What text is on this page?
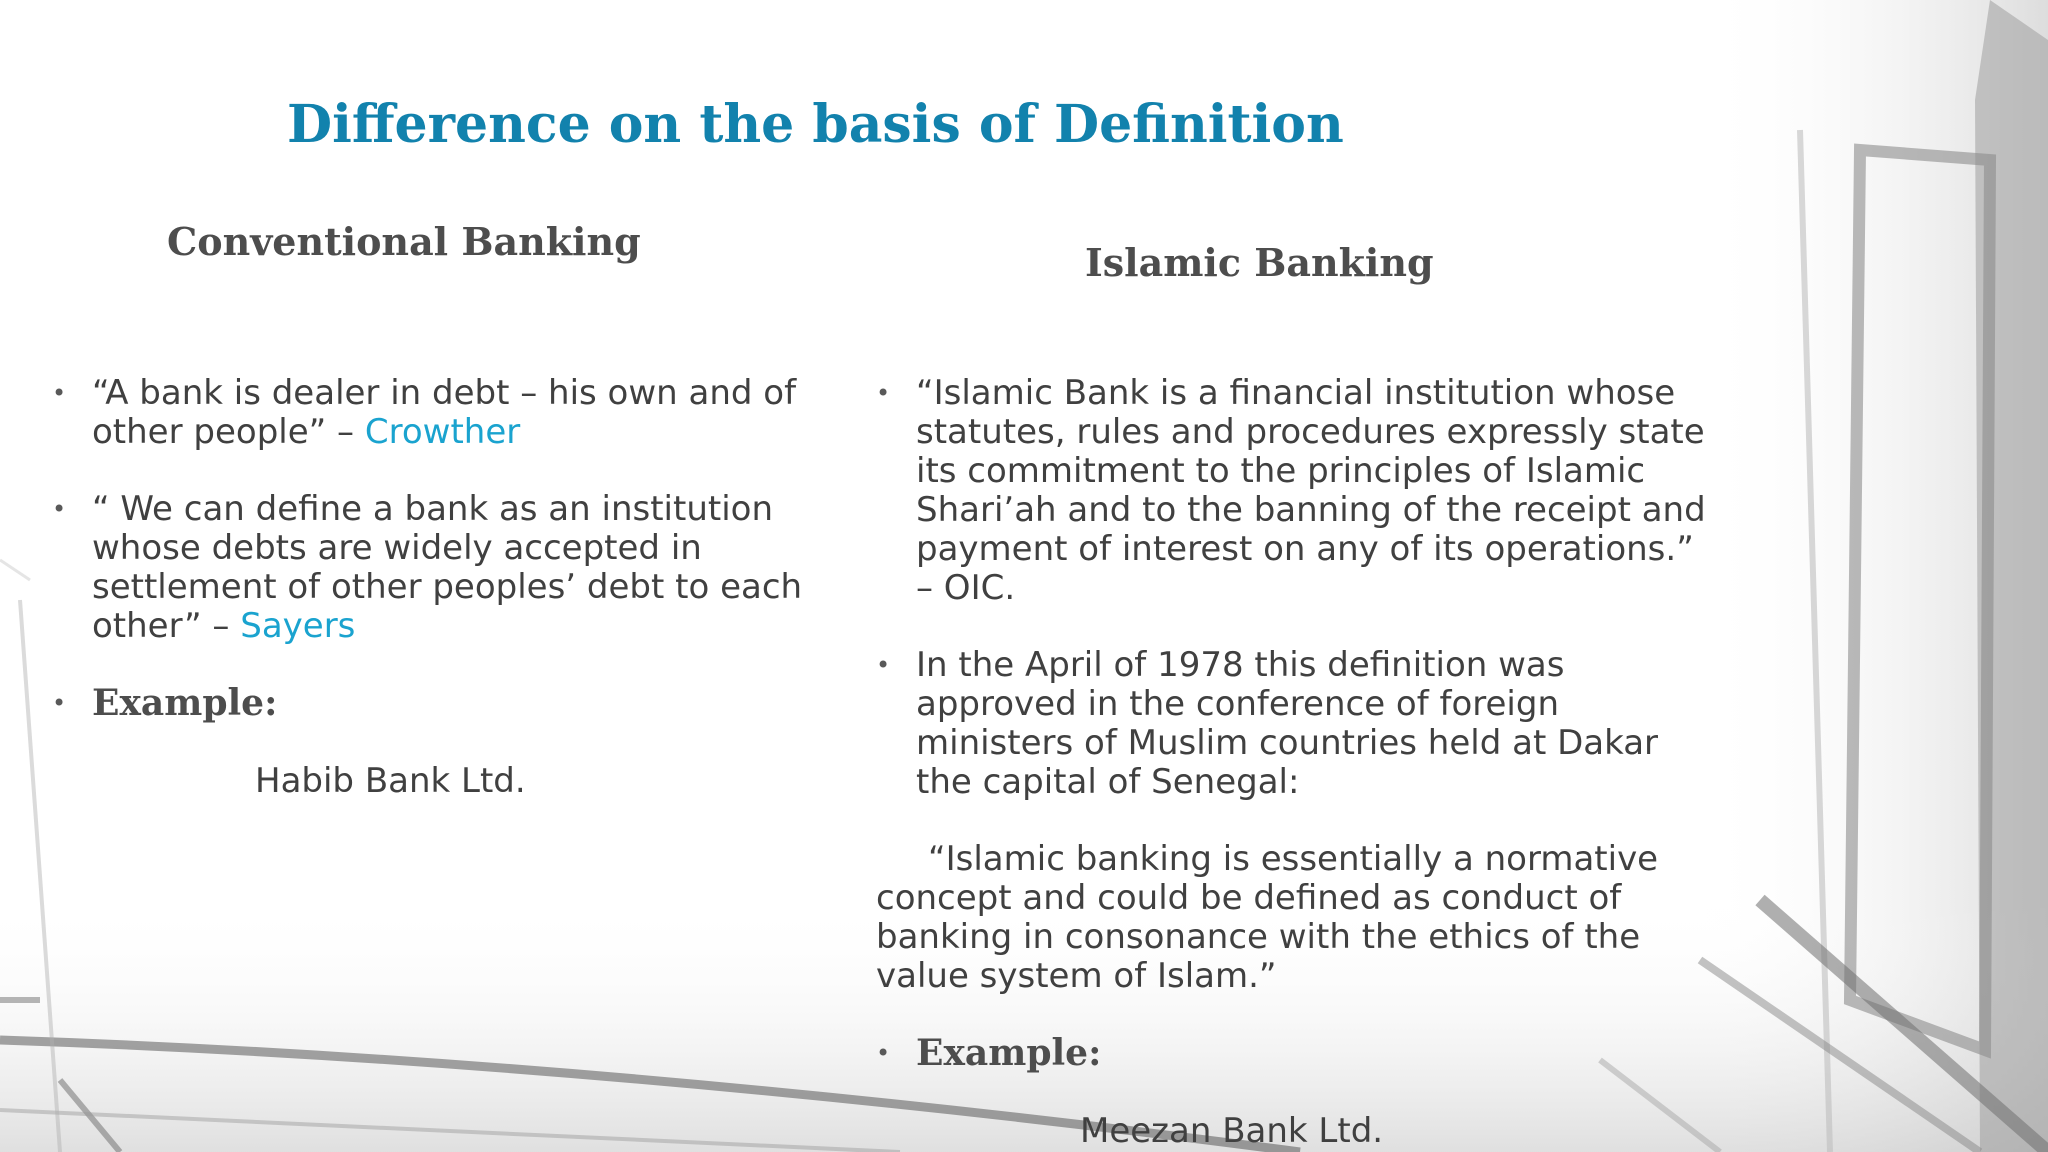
Difference on the basis of Definition
Conventional Banking	Islamic Banking
• “A bank is dealer in debt – his own and of other people” – Crowther
• “ We can define a bank as an institution whose debts are widely accepted in settlement of other peoples’ debt to each other” – Sayers
• Example:
Habib Bank Ltd.
• “Islamic Bank is a financial institution whose statutes, rules and procedures expressly state its commitment to the principles of Islamic Shari’ah and to the banning of the receipt and payment of interest on any of its operations.” – OIC.
• In the April of 1978 this definition was approved in the conference of foreign ministers of Muslim countries held at Dakar the capital of Senegal:
“Islamic banking is essentially a normative concept and could be defined as conduct of banking in consonance with the ethics of the value system of Islam.”
• Example:
Meezan Bank Ltd.
